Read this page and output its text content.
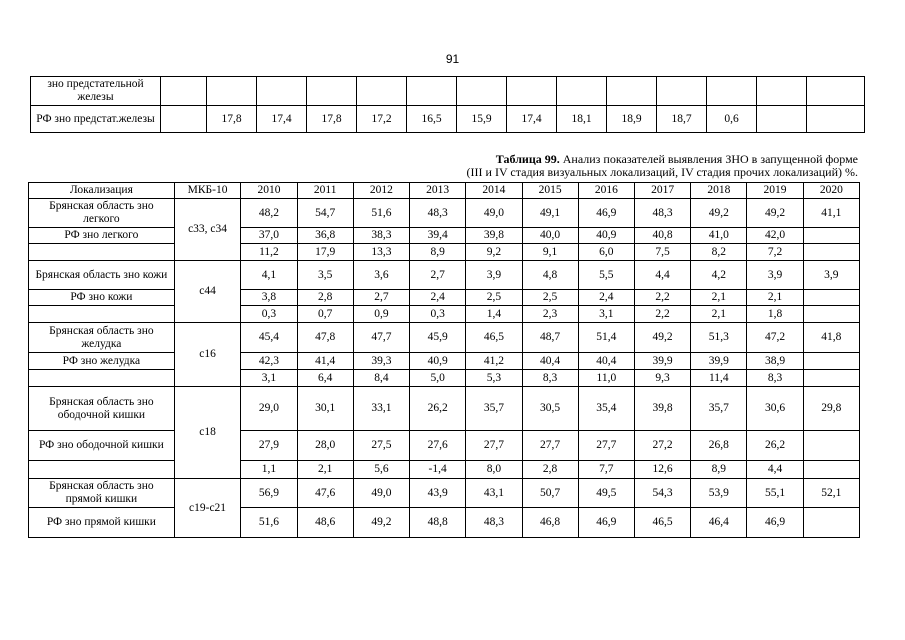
91
зно предстательной железы														
РФ зно предстат.железы		17,8	17,4	17,8	17,2	16,5	15,9	17,4	18,1	18,9	18,7	0,6		
Таблица 99. Анализ показателей выявления ЗНО в запущенной форме
(III и IV стадия визуальных локализаций, IV стадия прочих локализаций) %.
Локализация	МКБ-10	2010	2011	2012	2013	2014	2015	2016	2017	2018	2019	2020
Брянская область зно легкого	с33, с34	48,2	54,7	51,6	48,3	49,0	49,1	46,9	48,3	49,2	49,2	41,1
РФ зно легкого		37,0	36,8	38,3	39,4	39,8	40,0	40,9	40,8	41,0	42,0	
		11,2	17,9	13,3	8,9	9,2	9,1	6,0	7,5	8,2	7,2	
Брянская область зно кожи	с44	4,1	3,5	3,6	2,7	3,9	4,8	5,5	4,4	4,2	3,9	3,9
РФ зно кожи		3,8	2,8	2,7	2,4	2,5	2,5	2,4	2,2	2,1	2,1	
		0,3	0,7	0,9	0,3	1,4	2,3	3,1	2,2	2,1	1,8	
Брянская область зно желудка	с16	45,4	47,8	47,7	45,9	46,5	48,7	51,4	49,2	51,3	47,2	41,8
РФ зно желудка		42,3	41,4	39,3	40,9	41,2	40,4	40,4	39,9	39,9	38,9	
		3,1	6,4	8,4	5,0	5,3	8,3	11,0	9,3	11,4	8,3	
Брянская область зно ободочной кишки	с18	29,0	30,1	33,1	26,2	35,7	30,5	35,4	39,8	35,7	30,6	29,8
РФ зно ободочной кишки		27,9	28,0	27,5	27,6	27,7	27,7	27,7	27,2	26,8	26,2	
		1,1	2,1	5,6	-1,4	8,0	2,8	7,7	12,6	8,9	4,4	
Брянская область зно прямой кишки	с19-с21	56,9	47,6	49,0	43,9	43,1	50,7	49,5	54,3	53,9	55,1	52,1
РФ зно прямой кишки		51,6	48,6	49,2	48,8	48,3	46,8	46,9	46,5	46,4	46,9	
